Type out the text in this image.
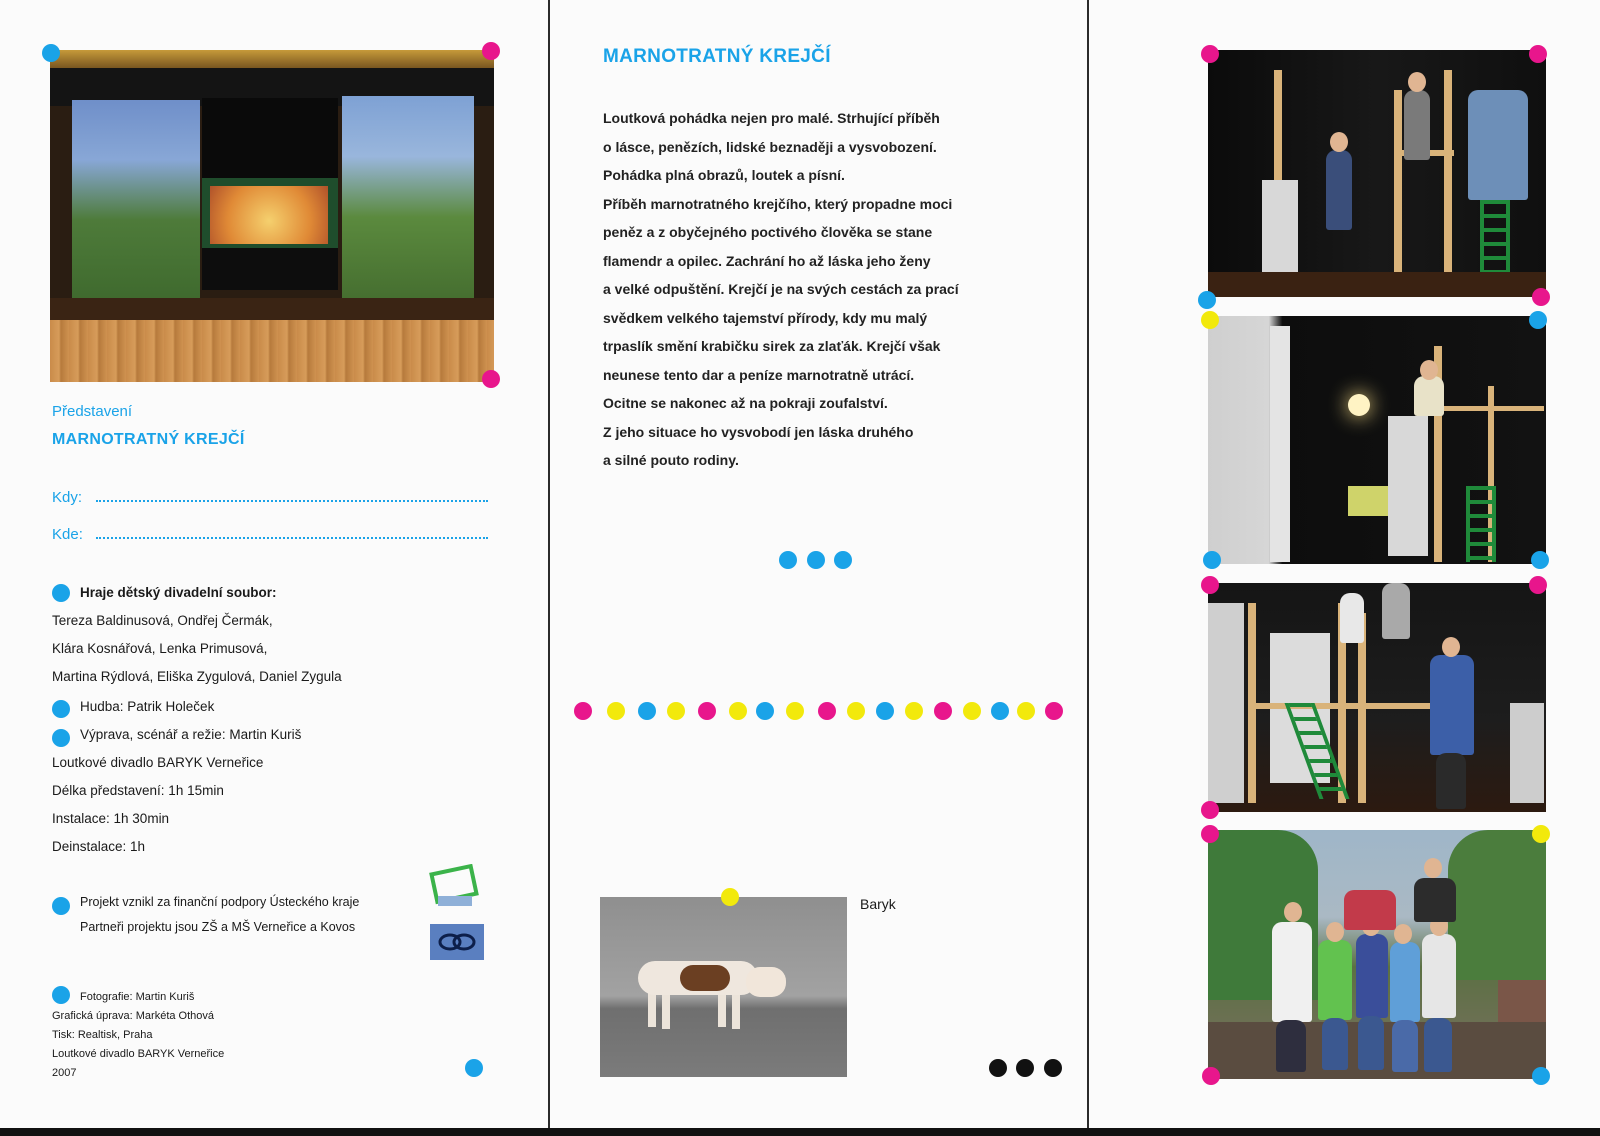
Představení
MARNOTRATNÝ KREJČÍ
Kdy:
Kde:
Hraje dětský divadelní soubor:
Tereza Baldinusová, Ondřej Čermák,
Klára Kosnářová, Lenka Primusová,
Martina Rýdlová, Eliška Zygulová, Daniel Zygula
Hudba: Patrik Holeček
Výprava, scénář a režie: Martin Kuriš
Loutkové divadlo BARYK Verneřice
Délka představení: 1h 15min
Instalace: 1h 30min
Deinstalace: 1h
Projekt vznikl za finanční podpory Ústeckého kraje
Partneři projektu jsou ZŠ a MŠ Verneřice a Kovos
Fotografie: Martin Kuriš
Grafická úprava: Markéta Othová
Tisk: Realtisk, Praha
Loutkové divadlo BARYK Verneřice
2007
MARNOTRATNÝ KREJČÍ
Loutková pohádka nejen pro malé. Strhující příběh
o lásce, penězích, lidské beznaději a vysvobození.
Pohádka plná obrazů, loutek a písní.
Příběh marnotratného krejčího, který propadne moci
peněz a z obyčejného poctivého člověka se stane
flamendr a opilec. Zachrání ho až láska jeho ženy
a velké odpuštění. Krejčí je na svých cestách za prací
svědkem velkého tajemství přírody, kdy mu malý
trpaslík smění krabičku sirek za zlaťák. Krejčí však
neunese tento dar a peníze marnotratně utrácí.
Ocitne se nakonec až na pokraji zoufalství.
Z jeho situace ho vysvobodí jen láska druhého
a silné pouto rodiny.
Baryk
